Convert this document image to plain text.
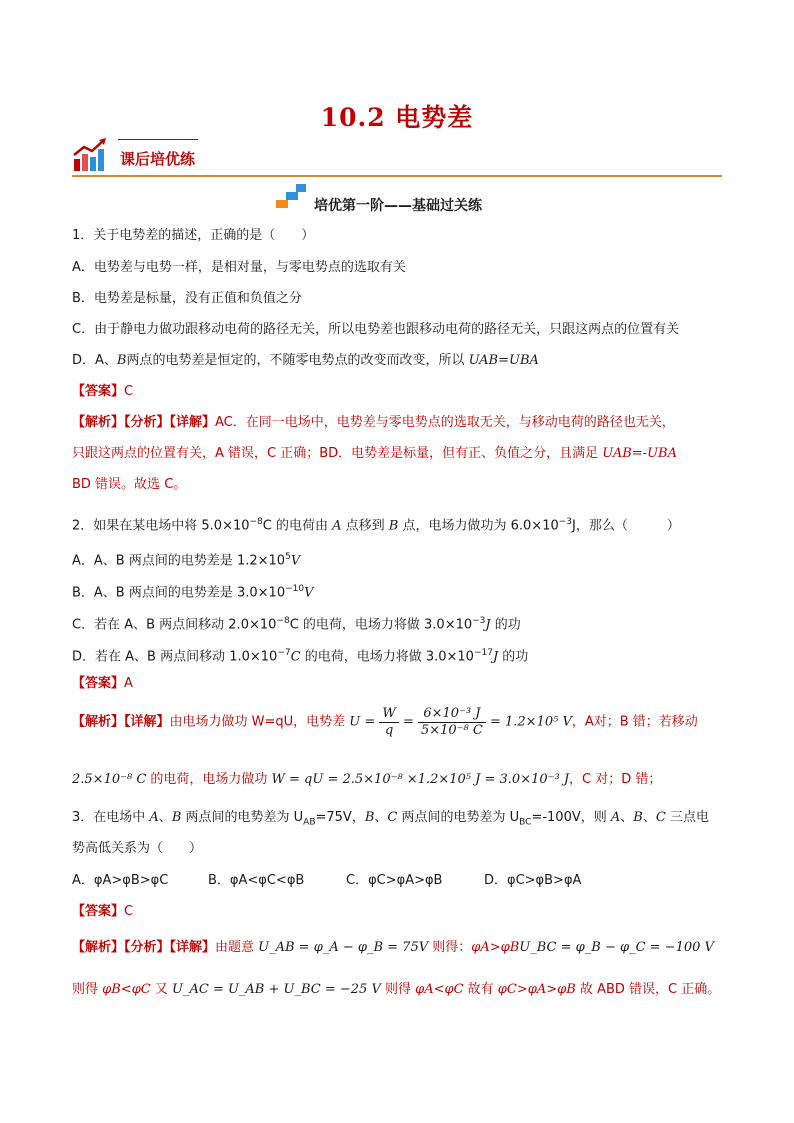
10.2 电势差
课后培优练
培优第一阶——基础过关练
1．关于电势差的描述，正确的是（　　）
A．电势差与电势一样，是相对量，与零电势点的选取有关
B．电势差是标量，没有正值和负值之分
C．由于静电力做功跟移动电荷的路径无关，所以电势差也跟移动电荷的路径无关，只跟这两点的位置有关
D．A、B两点的电势差是恒定的，不随零电势点的改变而改变，所以 UAB=UBA
【答案】C
【解析】【分析】【详解】AC．在同一电场中，电势差与零电势点的选取无关，与移动电荷的路径也无关，
只跟这两点的位置有关，A 错误，C 正确；BD．电势差是标量，但有正、负值之分，且满足 UAB=-UBA
BD 错误。故选 C。
2．如果在某电场中将 $5.0\times 10^{-8}C$ 的电荷由 A 点移到 B 点，电场力做功为 $6.0\times 10^{-3}J$，那么（　　　）
A．A、B 两点间的电势差是 $1.2\times 10^5V$
B．A、B 两点间的电势差是 $3.0\times 10^{-10}V$
C．若在 A、B 两点间移动 $2.0\times 10^{-8}C$ 的电荷，电场力将做 $3.0\times 10^{-3}J$ 的功
D．若在 A、B 两点间移动 $1.0\times 10^{-7}C$ 的电荷，电场力将做 $3.0\times 10^{-17}J$ 的功
【答案】A
【解析】【详解】由电场力做功 W=qU，电势差 $U = \frac{W}{q} = \frac{\text{6×10⁻³ J}}{\text{5×10⁻⁸ C}} = 1.2\times 10^5$ V，A对；B 错；若移动
2.5×10⁻⁸ C 的电荷，电场力做功 W = qU = 2.5×10⁻⁸ ×1.2×10⁵ J = 3.0×10⁻³ J，C 对；D 错；
3．在电场中 A、B 两点间的电势差为 $U_{AB}=75V$，B、C 两点间的电势差为 $U_{BC}=-100V$，则 A、B、C 三点电
势高低关系为（　　）
A．φA>φB>φC	B．φA<φC<φB	C．φC>φA>φB	D．φC>φB>φA
【答案】C
【解析】【分析】【详解】由题意 U_AB = φ_A − φ_B = 75V 则得：φA>φBU_BC = φ_B − φ_C = −100 V
则得 φB<φC 又 U_AC = U_AB + U_BC = −25 V 则得 φA<φC 故有 φC>φA>φB 故 ABD 错误，C 正确。
